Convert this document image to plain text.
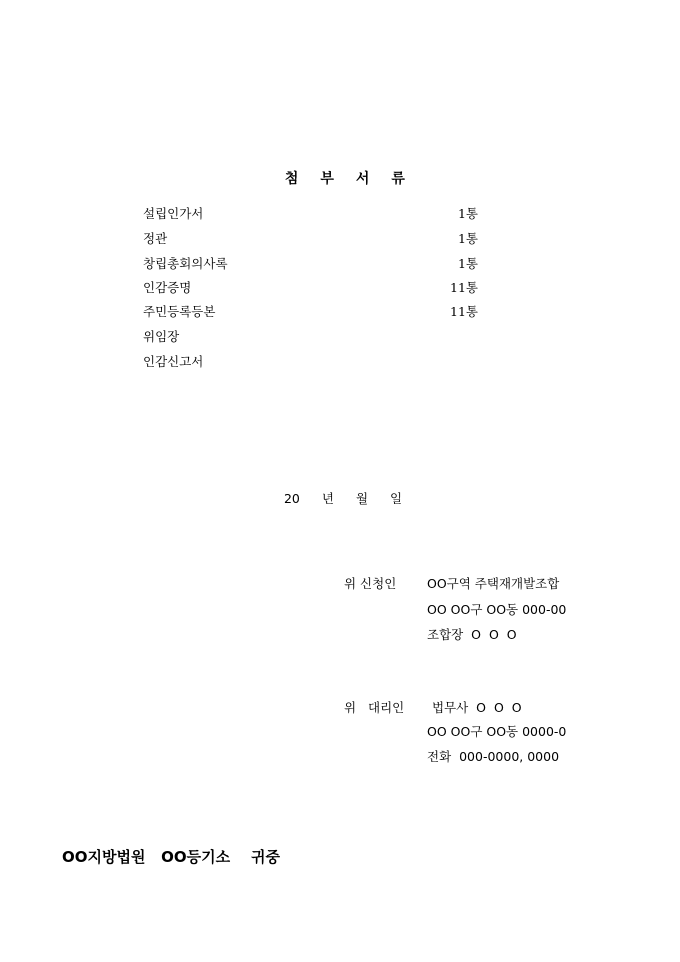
첨 부 서 류

설립인가서	1통
정관	1통
창립총회의사록	1통
인감증명	11통
주민등록등본	11통
위임장
인감신고서

20 년 월 일

위 신청인 OO구역 주택재개발조합
OO OO구 OO동 000-00
조합장  O  O  O
위   대리인 법무사  O  O  O
OO OO구 OO동 0000-0
전화  000-0000, 0000
OO지방법원   OO등기소    귀중
